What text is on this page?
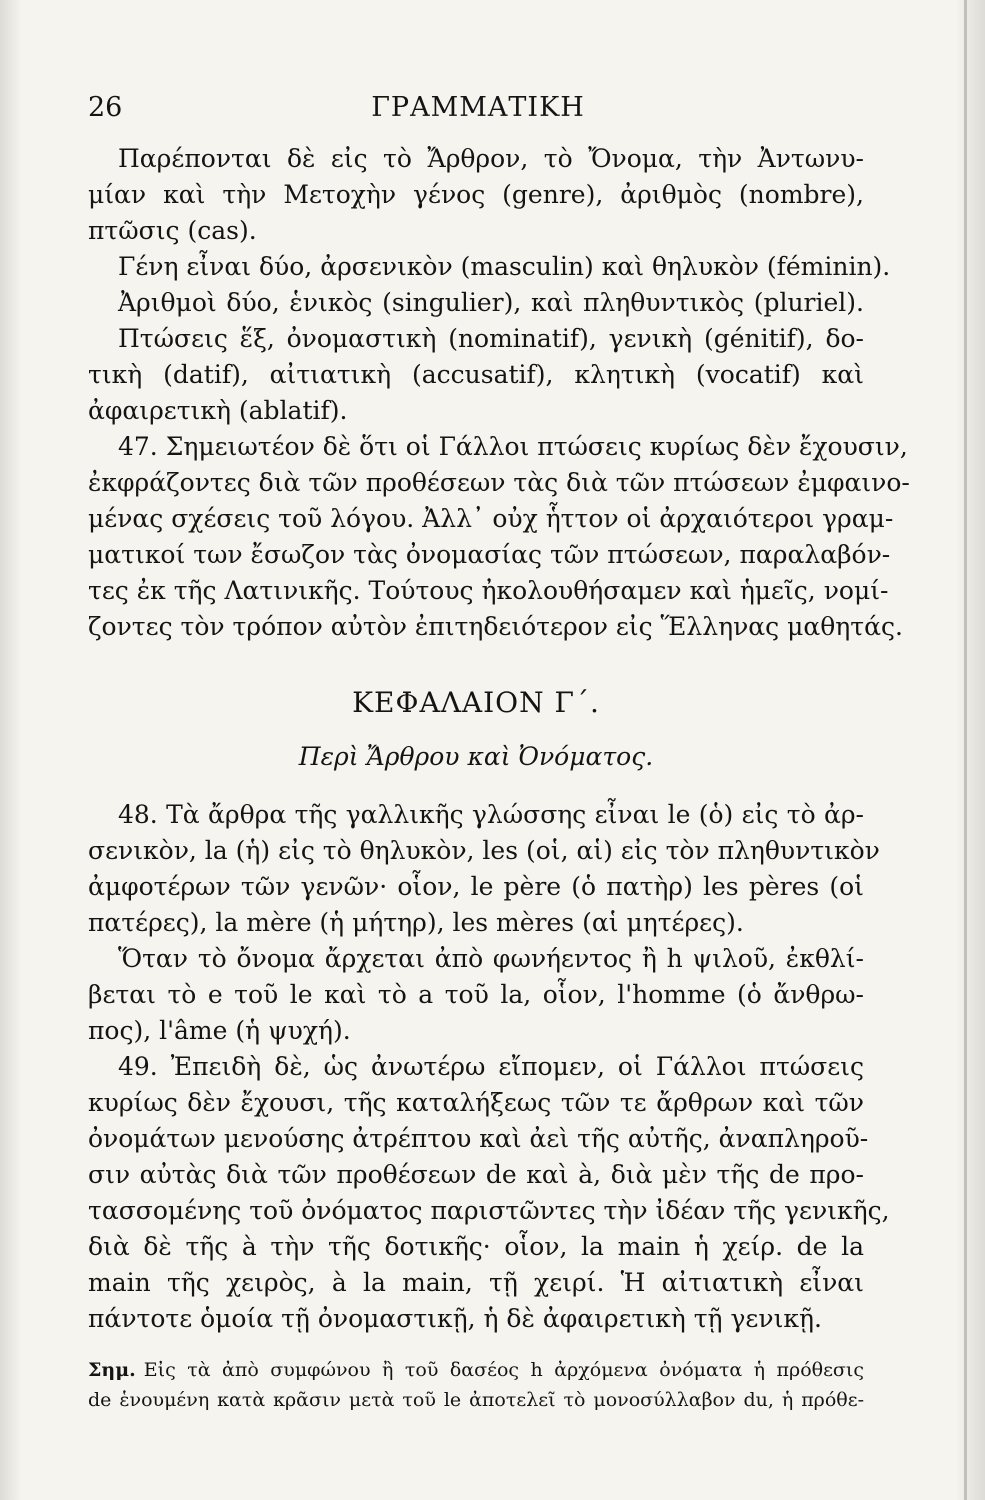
26	ΓΡΑΜΜΑΤΙΚΗ
Παρέπονται δὲ εἰς τὸ Ἄρθρον, τὸ Ὄνομα, τὴν Ἀντωνυ-
μίαν καὶ τὴν Μετοχὴν γένος (genre), ἀριθμὸς (nombre),
πτῶσις (cas).
Γένη εἶναι δύο, ἀρσενικὸν (masculin) καὶ θηλυκὸν (féminin).
Ἀριθμοὶ δύο, ἑνικὸς (singulier), καὶ πληθυντικὸς (pluriel).
Πτώσεις ἕξ, ὀνομαστικὴ (nominatif), γενικὴ (génitif), δο-
τικὴ (datif), αἰτιατικὴ (accusatif), κλητικὴ (vocatif) καὶ
ἀφαιρετικὴ (ablatif).
47. Σημειωτέον δὲ ὅτι οἱ Γάλλοι πτώσεις κυρίως δὲν ἔχουσιν,
ἐκφράζοντες διὰ τῶν προθέσεων τὰς διὰ τῶν πτώσεων ἐμφαινο-
μένας σχέσεις τοῦ λόγου. Ἀλλ᾽ οὐχ ἧττον οἱ ἀρχαιότεροι γραμ-
ματικοί των ἔσωζον τὰς ὀνομασίας τῶν πτώσεων, παραλαβόν-
τες ἐκ τῆς Λατινικῆς. Τούτους ἠκολουθήσαμεν καὶ ἡμεῖς, νομί-
ζοντες τὸν τρόπον αὐτὸν ἐπιτηδειότερον εἰς Ἕλληνας μαθητάς.
ΚΕΦΑΛΑΙΟΝ Γ΄.
Περὶ Ἄρθρου καὶ Ὀνόματος.
48. Τὰ ἄρθρα τῆς γαλλικῆς γλώσσης εἶναι le (ὁ) εἰς τὸ ἀρ-
σενικὸν, la (ἡ) εἰς τὸ θηλυκὸν, les (οἱ, αἱ) εἰς τὸν πληθυντικὸν
ἀμφοτέρων τῶν γενῶν· οἷον, le père (ὁ πατὴρ) les pères (οἱ
πατέρες), la mère (ἡ μήτηρ), les mères (αἱ μητέρες).
Ὅταν τὸ ὄνομα ἄρχεται ἀπὸ φωνήεντος ἢ h ψιλοῦ, ἐκθλί-
βεται τὸ e τοῦ le καὶ τὸ a τοῦ la, οἷον, l'homme (ὁ ἄνθρω-
πος), l'âme (ἡ ψυχή).
49. Ἐπειδὴ δὲ, ὡς ἀνωτέρω εἴπομεν, οἱ Γάλλοι πτώσεις
κυρίως δὲν ἔχουσι, τῆς καταλήξεως τῶν τε ἄρθρων καὶ τῶν
ὀνομάτων μενούσης ἀτρέπτου καὶ ἀεὶ τῆς αὐτῆς, ἀναπληροῦ-
σιν αὐτὰς διὰ τῶν προθέσεων de καὶ à, διὰ μὲν τῆς de προ-
τασσομένης τοῦ ὀνόματος παριστῶντες τὴν ἰδέαν τῆς γενικῆς,
διὰ δὲ τῆς à τὴν τῆς δοτικῆς· οἷον, la main ἡ χείρ. de la
main τῆς χειρὸς, à la main, τῇ χειρί. Ἡ αἰτιατικὴ εἶναι
πάντοτε ὁμοία τῇ ὀνομαστικῇ, ἡ δὲ ἀφαιρετικὴ τῇ γενικῇ.
Σημ. Εἰς τὰ ἀπὸ συμφώνου ἢ τοῦ δασέος h ἀρχόμενα ὀνόματα ἡ πρόθεσις
de ἑνουμένη κατὰ κρᾶσιν μετὰ τοῦ le ἀποτελεῖ τὸ μονοσύλλαβον du, ἡ πρόθε-
